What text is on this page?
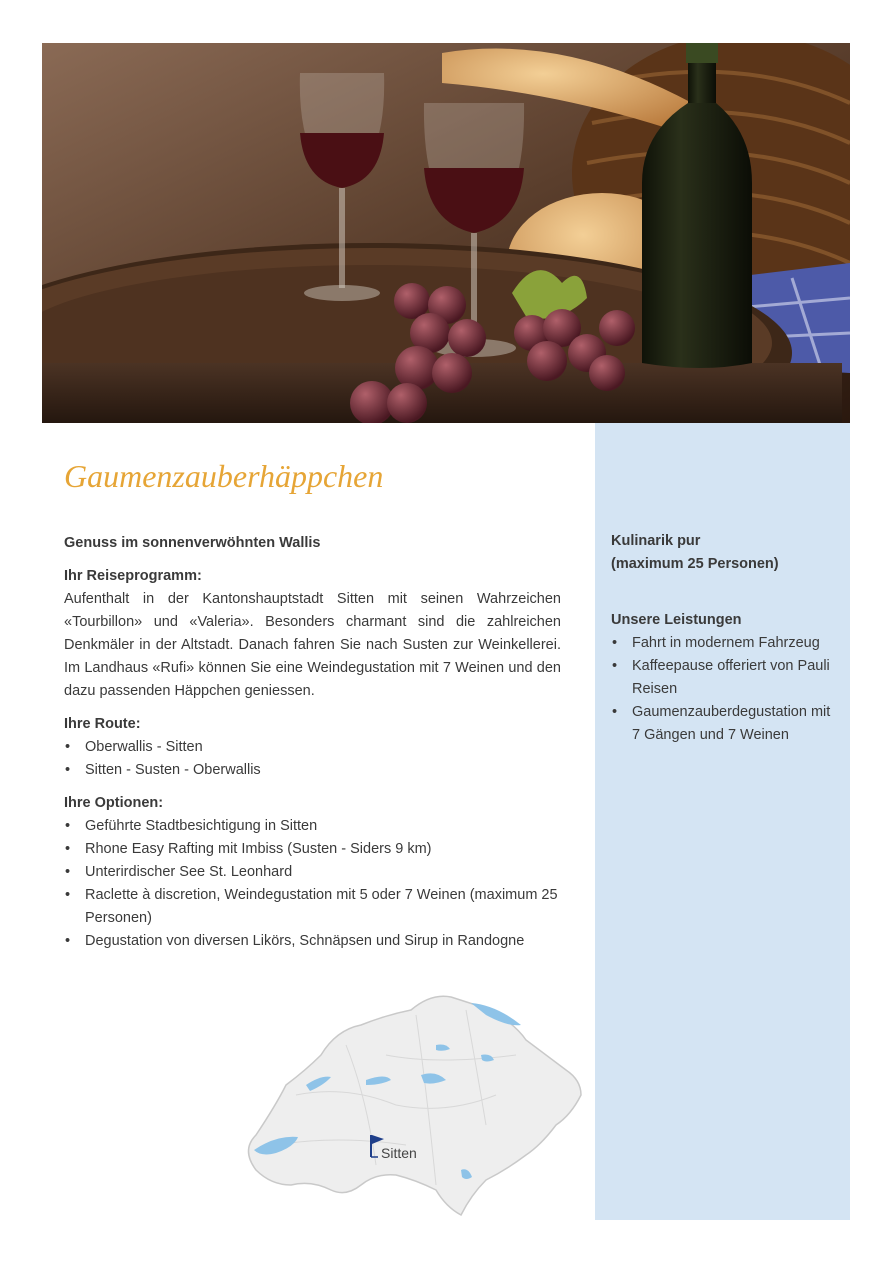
Gaumenzauberhäppchen
Genuss im sonnenverwöhnten Wallis
Ihr Reiseprogramm:

Aufenthalt in der Kantonshauptstadt Sitten mit seinen Wahrzeichen «Tourbillon» und «Valeria». Besonders charmant sind die zahlreichen Denkmäler in der Altstadt. Danach fahren Sie nach Susten zur Weinkellerei. Im Landhaus «Rufi» können Sie eine Weindegustation mit 7 Weinen und den dazu passenden Häppchen geniessen.

Ihre Route:
• Oberwallis - Sitten
• Sitten - Susten - Oberwallis
Ihre Optionen:
• Geführte Stadtbesichtigung in Sitten
• Rhone Easy Rafting mit Imbiss (Susten - Siders 9 km)
• Unterirdischer See St. Leonhard
• Raclette à discretion, Weindegustation mit 5 oder 7 Weinen (maximum 25 Personen)
• Degustation von diversen Likörs, Schnäpsen und Sirup in Randogne
Kulinarik pur
(maximum 25 Personen)
Unsere Leistungen
• Fahrt in modernem Fahrzeug
• Kaffeepause offeriert von Pauli Reisen
• Gaumenzauberdegustation mit 7 Gängen und 7 Weinen
Sitten
